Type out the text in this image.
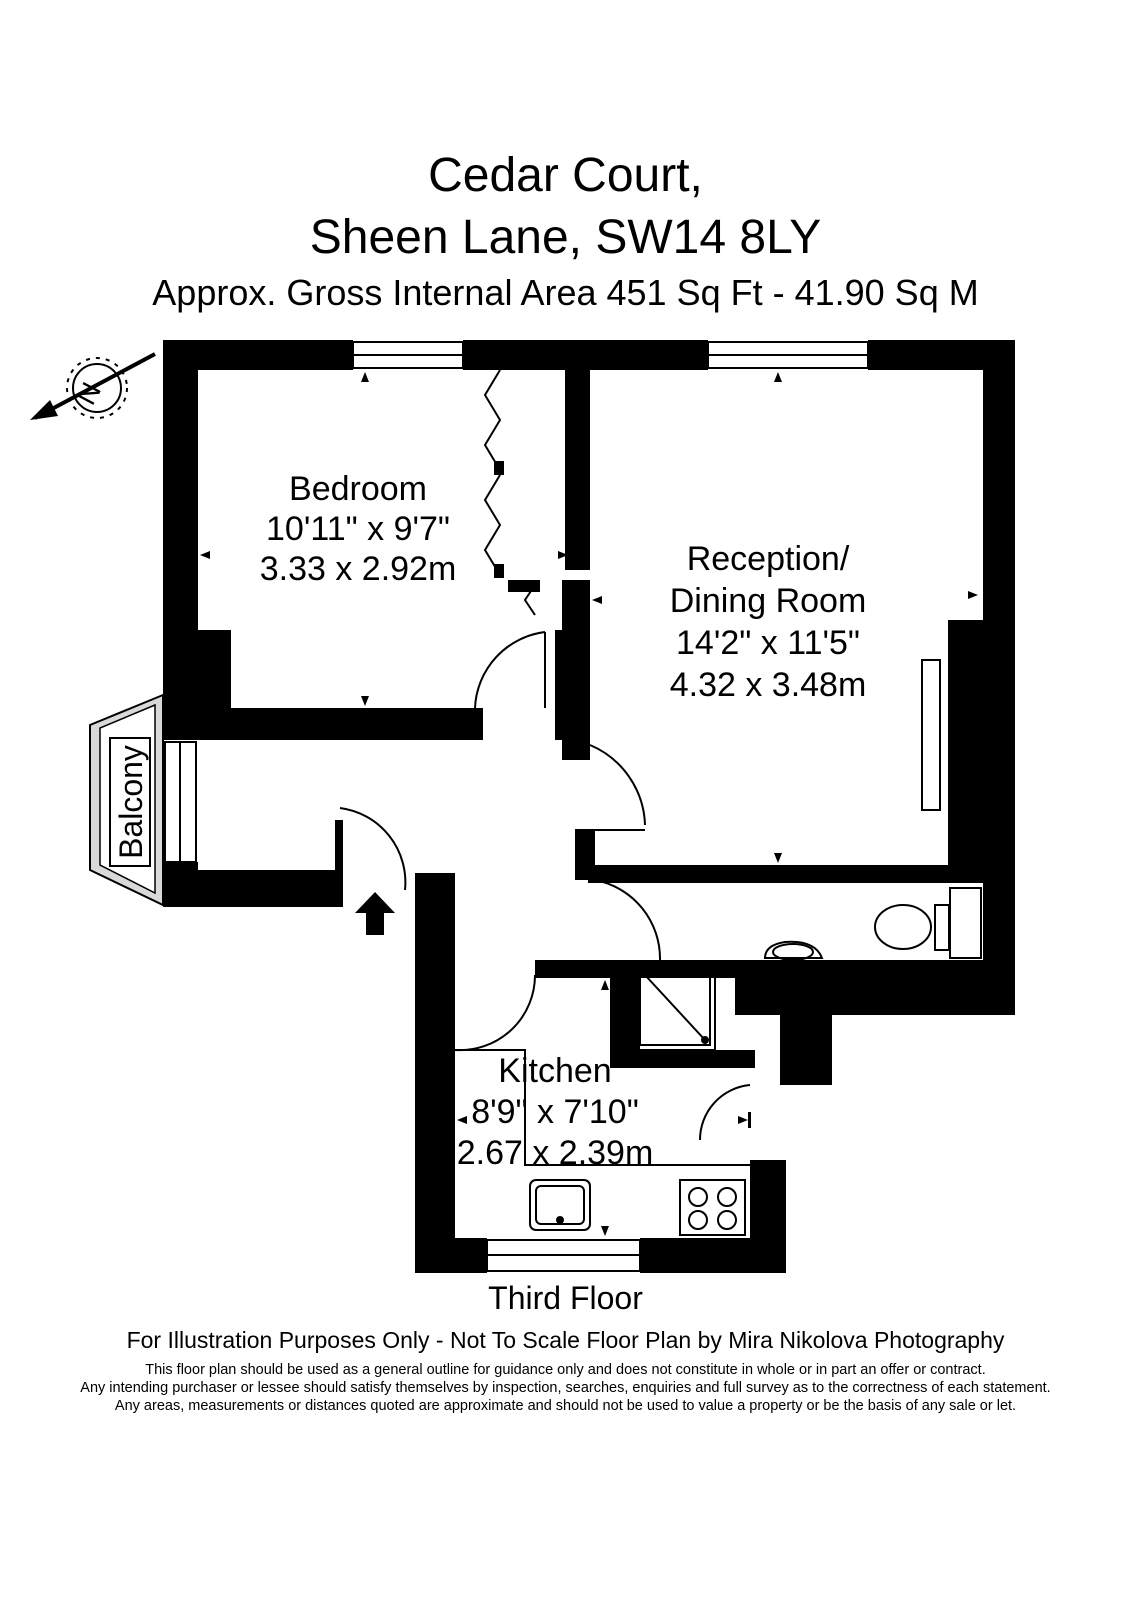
Cedar Court,
Sheen Lane, SW14 8LY
Approx. Gross Internal Area 451 Sq Ft - 41.90 Sq M
Balcony
N
Bedroom
10'11" x 9'7"
3.33 x 2.92m	Reception/
Dining Room
14'2" x 11'5"
4.32 x 3.48m
Kitchen
8'9" x 7'10"
2.67 x 2.39m
Third Floor
For Illustration Purposes Only - Not To Scale Floor Plan by Mira Nikolova Photography
This floor plan should be used as a general outline for guidance only and does not constitute in whole or in part an offer or contract.
Any intending purchaser or lessee should satisfy themselves by inspection, searches, enquiries and full survey as to the correctness of each statement.
Any areas, measurements or distances quoted are approximate and should not be used to value a property or be the basis of any sale or let.
